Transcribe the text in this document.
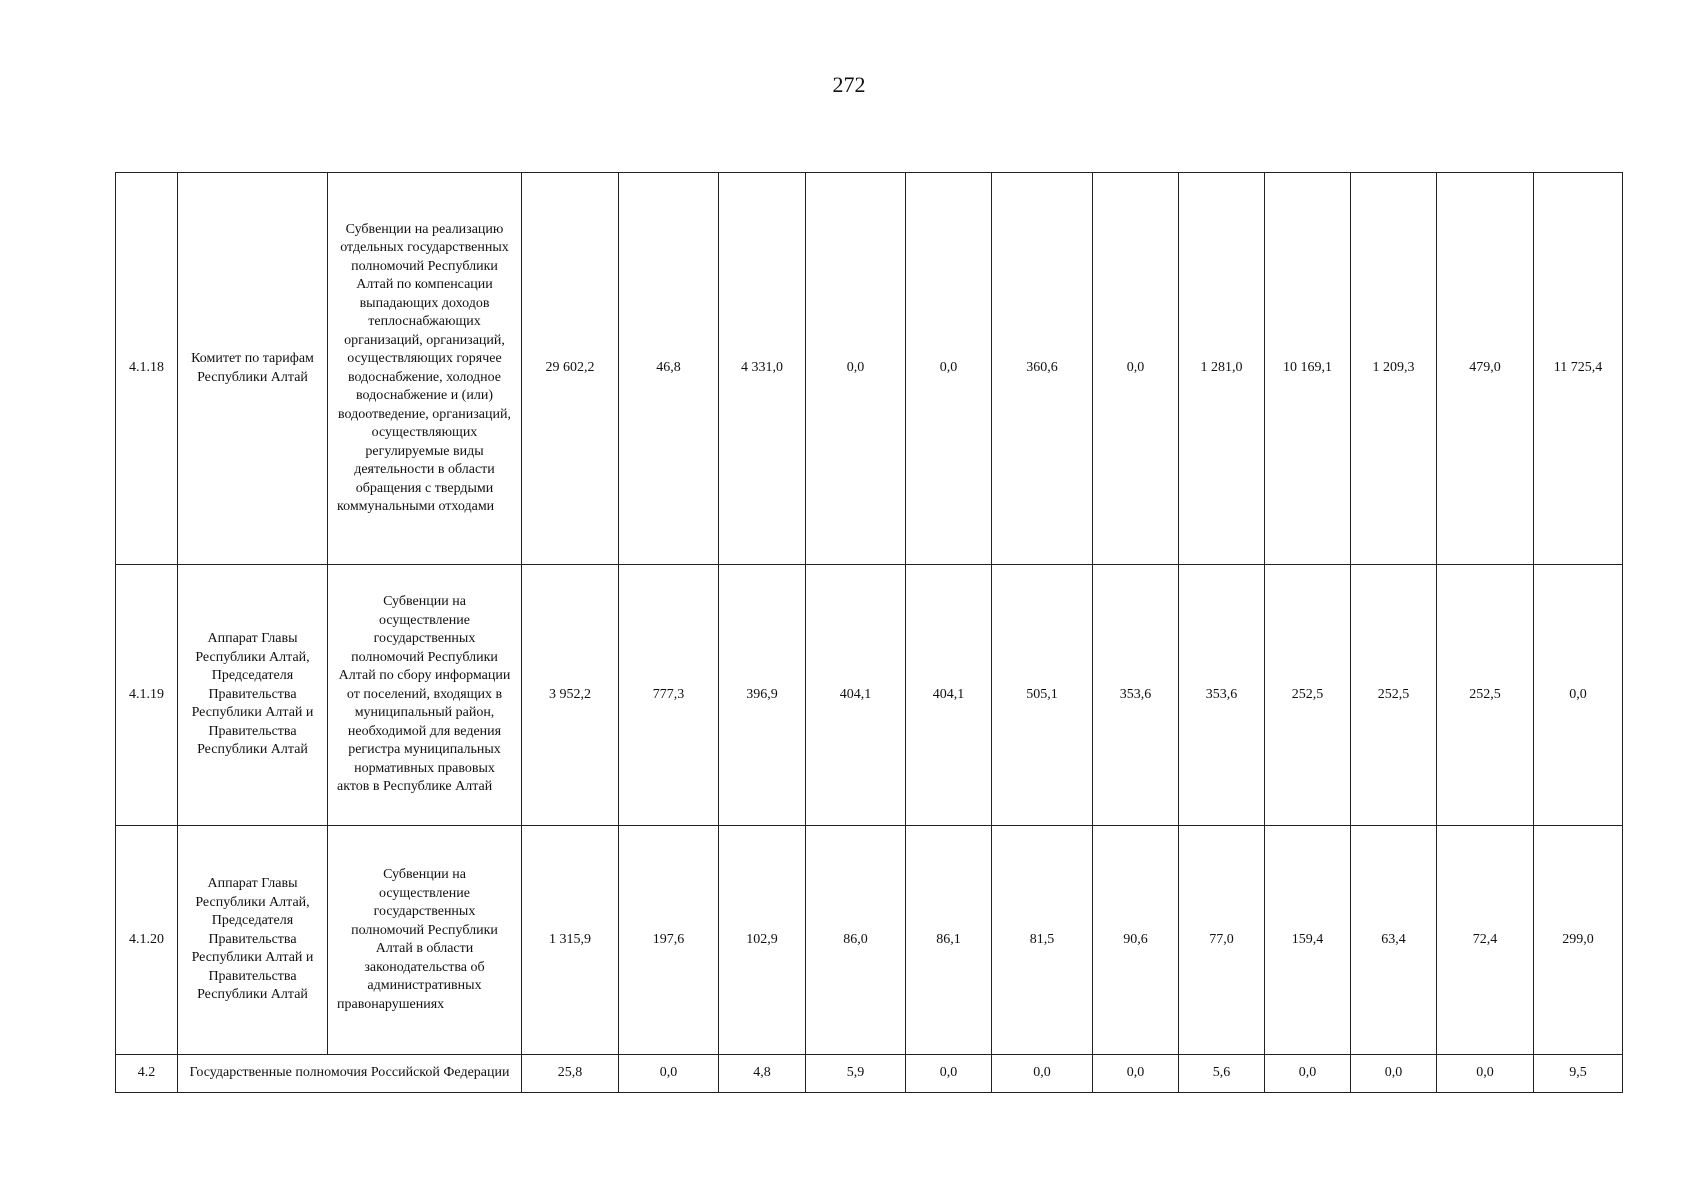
272
4.1.18	Комитет по тарифам Республики Алтай	Субвенции на реализацию отдельных государственных полномочий Республики Алтай по компенсации выпадающих доходов теплоснабжающих организаций, организаций, осуществляющих горячее водоснабжение, холодное водоснабжение и (или) водоотведение, организаций, осуществляющих регулируемые виды деятельности в области обращения с твердыми коммунальными отходами	29 602,2	46,8	4 331,0	0,0	0,0	360,6	0,0	1 281,0	10 169,1	1 209,3	479,0	11 725,4
4.1.19	Аппарат Главы Республики Алтай, Председателя Правительства Республики Алтай и Правительства Республики Алтай	Субвенции на осуществление государственных полномочий Республики Алтай по сбору информации от поселений, входящих в муниципальный район, необходимой для ведения регистра муниципальных нормативных правовых актов в Республике Алтай	3 952,2	777,3	396,9	404,1	404,1	505,1	353,6	353,6	252,5	252,5	252,5	0,0
4.1.20	Аппарат Главы Республики Алтай, Председателя Правительства Республики Алтай и Правительства Республики Алтай	Субвенции на осуществление государственных полномочий Республики Алтай в области законодательства об административных правонарушениях	1 315,9	197,6	102,9	86,0	86,1	81,5	90,6	77,0	159,4	63,4	72,4	299,0
4.2	Государственные полномочия Российской Федерации		25,8	0,0	4,8	5,9	0,0	0,0	0,0	5,6	0,0	0,0	0,0	9,5
